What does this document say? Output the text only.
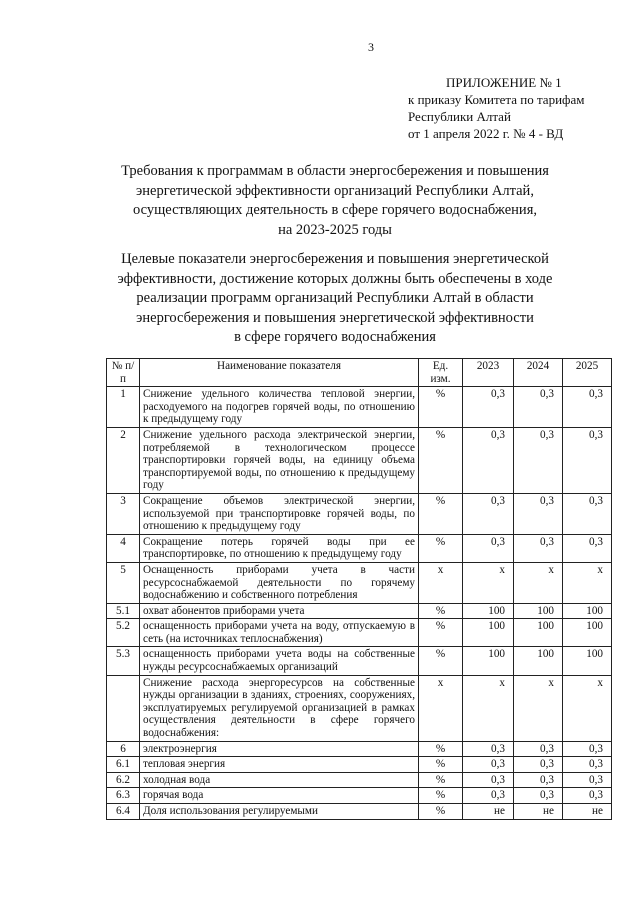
3
ПРИЛОЖЕНИЕ № 1
к приказу Комитета по тарифам
Республики Алтай
от 1 апреля 2022 г. № 4 - ВД
Требования к программам в области энергосбережения и повышения
энергетической эффективности организаций Республики Алтай,
осуществляющих деятельность в сфере горячего водоснабжения,
на 2023-2025 годы
Целевые показатели энергосбережения и повышения энергетической
эффективности, достижение которых должны быть обеспечены в ходе
реализации программ организаций Республики Алтай в области
энергосбережения и повышения энергетической эффективности
в сфере горячего водоснабжения
№ п/п	Наименование показателя	Ед. изм.	2023	2024	2025
1	Снижение удельного количества тепловой энергии, расходуемого на подогрев горячей воды, по отношению к предыдущему году	%	0,3	0,3	0,3
2	Снижение удельного расхода электрической энергии, потребляемой в технологическом процессе транспортировки горячей воды, на единицу объема транспортируемой воды, по отношению к предыдущему году	%	0,3	0,3	0,3
3	Сокращение объемов электрической энергии, используемой при транспортировке горячей воды, по отношению к предыдущему году	%	0,3	0,3	0,3
4	Сокращение потерь горячей воды при ее транспортировке, по отношению к предыдущему году	%	0,3	0,3	0,3
5	Оснащенность приборами учета в части ресурсоснабжаемой деятельности по горячему водоснабжению и собственного потребления	х	х	х	х
5.1	охват абонентов приборами учета	%	100	100	100
5.2	оснащенность приборами учета на воду, отпускаемую в сеть (на источниках теплоснабжения)	%	100	100	100
5.3	оснащенность приборами учета воды на собственные нужды ресурсоснабжаемых организаций	%	100	100	100
	Снижение расхода энергоресурсов на собственные нужды организации в зданиях, строениях, сооружениях, эксплуатируемых регулируемой организацией в рамках осуществления деятельности в сфере горячего водоснабжения:	х	х	х	х
6	электроэнергия	%	0,3	0,3	0,3
6.1	тепловая энергия	%	0,3	0,3	0,3
6.2	холодная вода	%	0,3	0,3	0,3
6.3	горячая вода	%	0,3	0,3	0,3
6.4	Доля использования регулируемыми	%	не	не	не
